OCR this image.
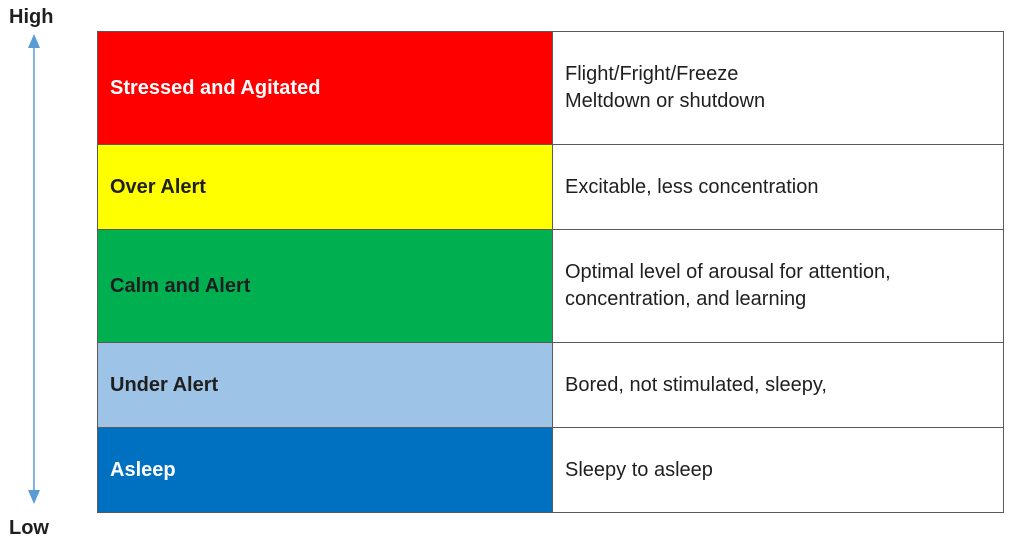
High
Low
Stressed and Agitated	Flight/Fright/Freeze
Meltdown or shutdown
Over Alert	Excitable, less concentration
Calm and Alert	Optimal level of arousal for attention,
concentration, and learning
Under Alert	Bored, not stimulated, sleepy,
Asleep	Sleepy to asleep
